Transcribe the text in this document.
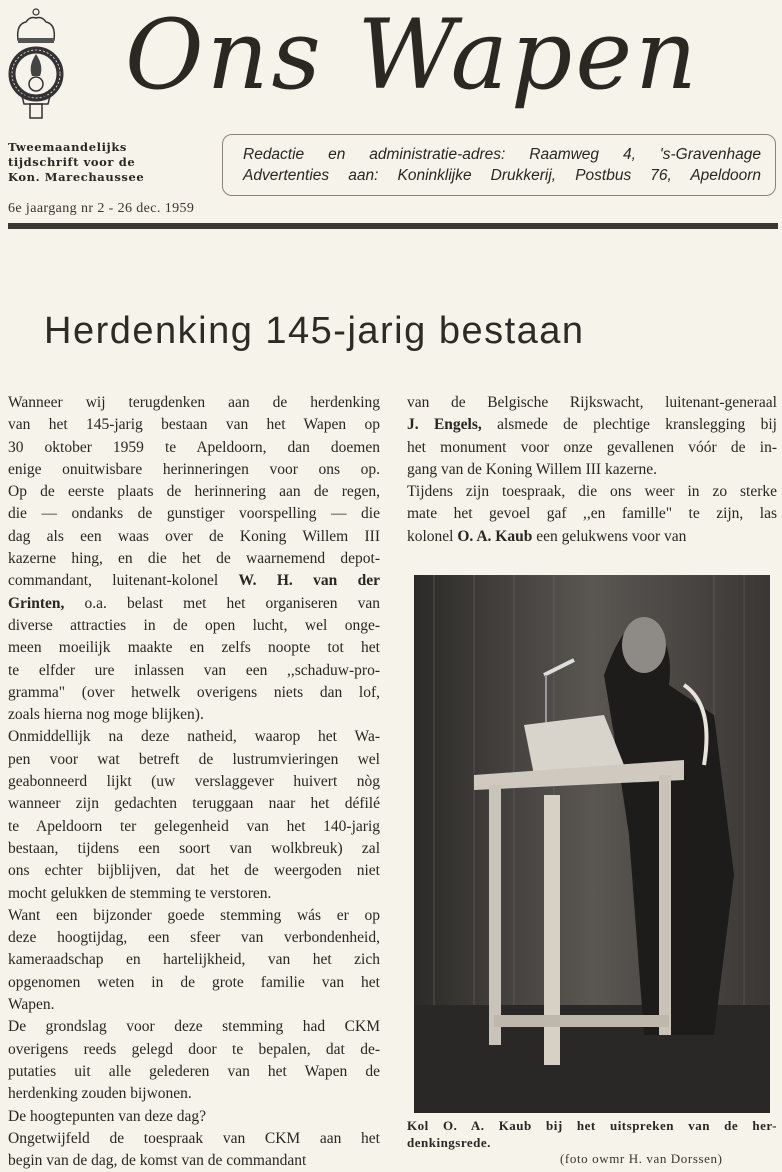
Ons Wapen
Tweemaandelijks
tijdschrift voor de
Kon. Marechaussee
Redactie en administratie-adres: Raamweg 4, 's-Gravenhage
Advertenties aan: Koninklijke Drukkerij, Postbus 76, Apeldoorn
6e jaargang nr 2 - 26 dec. 1959
Herdenking 145-jarig bestaan
Wanneer wij terugdenken aan de herdenking
van het 145-jarig bestaan van het Wapen op
30 oktober 1959 te Apeldoorn, dan doemen
enige onuitwisbare herinneringen voor ons op.
Op de eerste plaats de herinnering aan de regen,
die — ondanks de gunstiger voorspelling — die
dag als een waas over de Koning Willem III
kazerne hing, en die het de waarnemend depot-
commandant, luitenant-kolonel W. H. van der
Grinten, o.a. belast met het organiseren van
diverse attracties in de open lucht, wel onge-
meen moeilijk maakte en zelfs noopte tot het
te elfder ure inlassen van een ,,schaduw-pro-
gramma" (over hetwelk overigens niets dan lof,
zoals hierna nog moge blijken).
Onmiddellijk na deze natheid, waarop het Wa-
pen voor wat betreft de lustrumvieringen wel
geabonneerd lijkt (uw verslaggever huivert nòg
wanneer zijn gedachten teruggaan naar het défilé
te Apeldoorn ter gelegenheid van het 140-jarig
bestaan, tijdens een soort van wolkbreuk) zal
ons echter bijblijven, dat het de weergoden niet
mocht gelukken de stemming te verstoren.
Want een bijzonder goede stemming wás er op
deze hoogtijdag, een sfeer van verbondenheid,
kameraadschap en hartelijkheid, van het zich
opgenomen weten in de grote familie van het
Wapen.
De grondslag voor deze stemming had CKM
overigens reeds gelegd door te bepalen, dat de-
putaties uit alle gelederen van het Wapen de
herdenking zouden bijwonen.
De hoogtepunten van deze dag?
Ongetwijfeld de toespraak van CKM aan het
begin van de dag, de komst van de commandant
van de Belgische Rijkswacht, luitenant-generaal
J. Engels, alsmede de plechtige kranslegging bij
het monument voor onze gevallenen vóór de in-
gang van de Koning Willem III kazerne.
Tijdens zijn toespraak, die ons weer in zo sterke
mate het gevoel gaf ,,en famille" te zijn, las
kolonel O. A. Kaub een gelukwens voor van
Kol O. A. Kaub bij het uitspreken van de her-
denkingsrede.
(foto owmr H. van Dorssen)
